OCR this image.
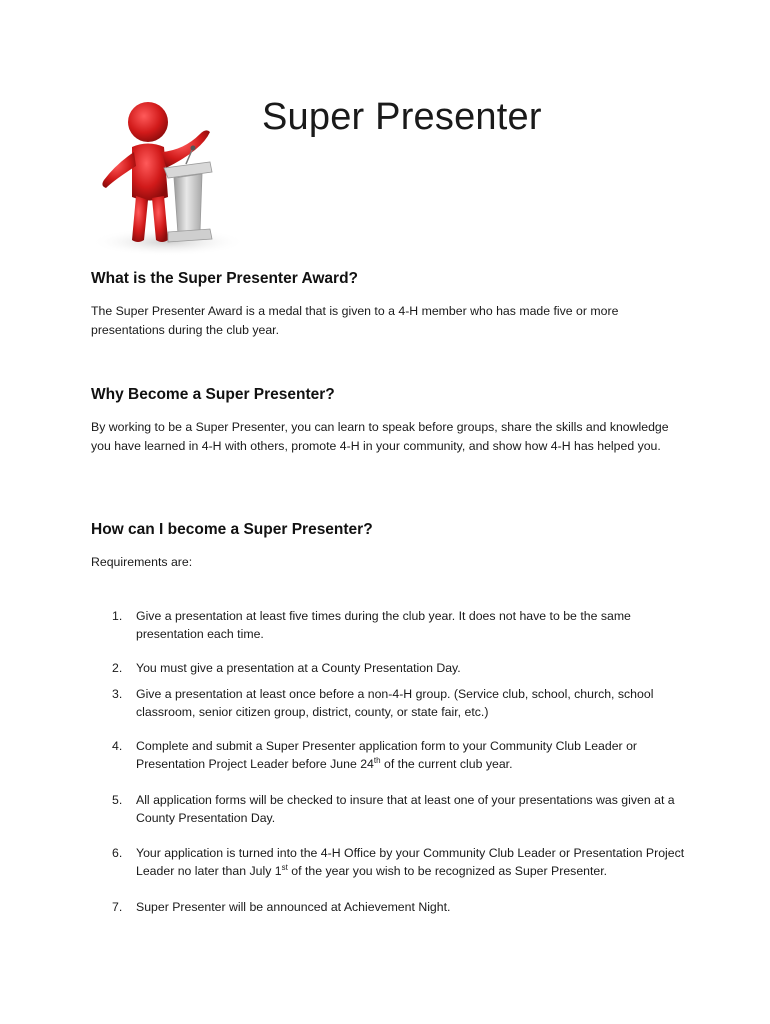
Super Presenter
What is the Super Presenter Award?

The Super Presenter Award is a medal that is given to a 4-H member who has made five or more presentations during the club year.

Why Become a Super Presenter?

By working to be a Super Presenter, you can learn to speak before groups, share the skills and knowledge you have learned in 4-H with others, promote 4-H in your community, and show how 4-H has helped you.

How can I become a Super Presenter?

Requirements are:

1. Give a presentation at least five times during the club year. It does not have to be the same presentation each time.
2. You must give a presentation at a County Presentation Day.
3. Give a presentation at least once before a non-4-H group. (Service club, school, church, school classroom, senior citizen group, district, county, or state fair, etc.)
4. Complete and submit a Super Presenter application form to your Community Club Leader or Presentation Project Leader before June 24th of the current club year.
5. All application forms will be checked to insure that at least one of your presentations was given at a County Presentation Day.
6. Your application is turned into the 4-H Office by your Community Club Leader or Presentation Project Leader no later than July 1st of the year you wish to be recognized as Super Presenter.
7. Super Presenter will be announced at Achievement Night.
